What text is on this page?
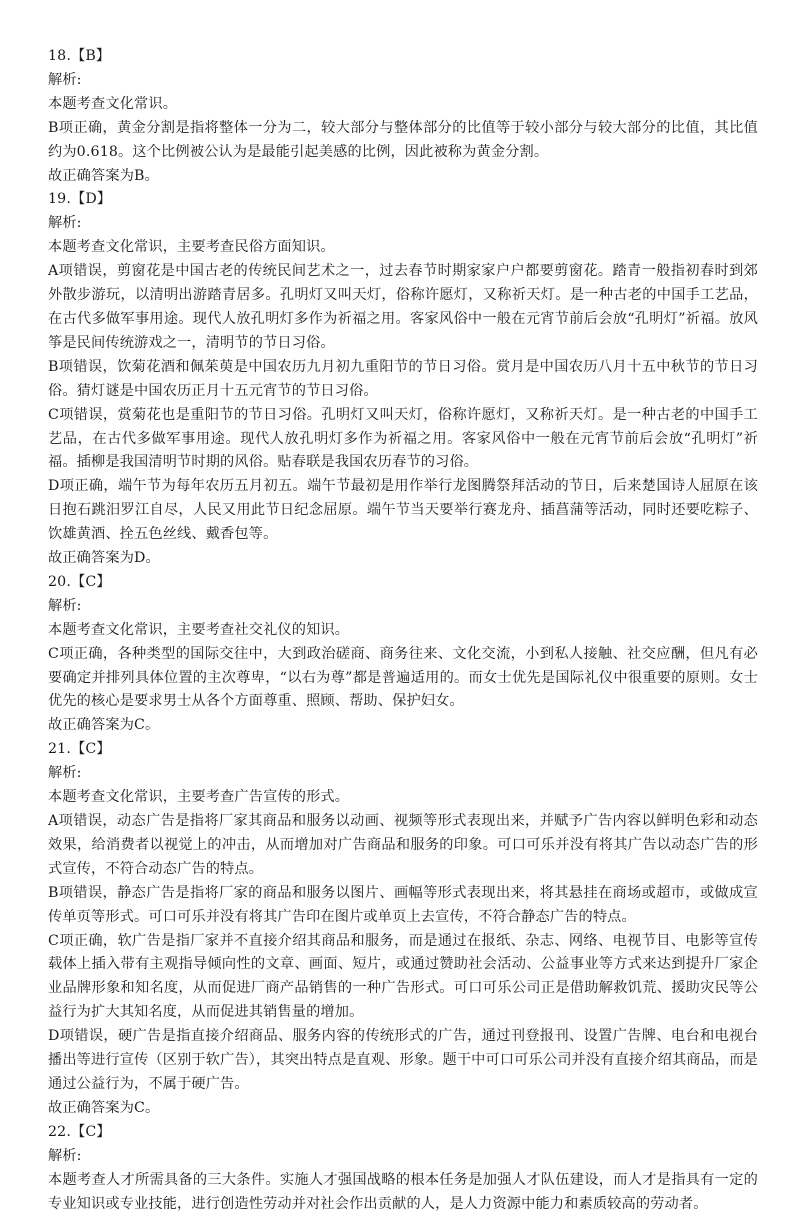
18.【B】
解析:
本题考查文化常识。
B项正确，黄金分割是指将整体一分为二，较大部分与整体部分的比值等于较小部分与较大部分的比值，其比值约为0.618。这个比例被公认为是最能引起美感的比例，因此被称为黄金分割。
故正确答案为B。
19.【D】
解析:
本题考查文化常识，主要考查民俗方面知识。
A项错误，剪窗花是中国古老的传统民间艺术之一，过去春节时期家家户户都要剪窗花。踏青一般指初春时到郊外散步游玩，以清明出游踏青居多。孔明灯又叫天灯，俗称许愿灯，又称祈天灯。是一种古老的中国手工艺品，在古代多做军事用途。现代人放孔明灯多作为祈福之用。客家风俗中一般在元宵节前后会放“孔明灯”祈福。放风筝是民间传统游戏之一，清明节的节日习俗。
B项错误，饮菊花酒和佩茱萸是中国农历九月初九重阳节的节日习俗。赏月是中国农历八月十五中秋节的节日习俗。猜灯谜是中国农历正月十五元宵节的节日习俗。
C项错误，赏菊花也是重阳节的节日习俗。孔明灯又叫天灯，俗称许愿灯，又称祈天灯。是一种古老的中国手工艺品，在古代多做军事用途。现代人放孔明灯多作为祈福之用。客家风俗中一般在元宵节前后会放“孔明灯”祈福。插柳是我国清明节时期的风俗。贴春联是我国农历春节的习俗。
D项正确，端午节为每年农历五月初五。端午节最初是用作举行龙图腾祭拜活动的节日，后来楚国诗人屈原在该日抱石跳汨罗江自尽，人民又用此节日纪念屈原。端午节当天要举行赛龙舟、插菖蒲等活动，同时还要吃粽子、饮雄黄酒、拴五色丝线、戴香包等。
故正确答案为D。
20.【C】
解析:
本题考查文化常识，主要考查社交礼仪的知识。
C项正确，各种类型的国际交往中，大到政治磋商、商务往来、文化交流，小到私人接触、社交应酬，但凡有必要确定并排列具体位置的主次尊卑，“以右为尊”都是普遍适用的。而女士优先是国际礼仪中很重要的原则。女士优先的核心是要求男士从各个方面尊重、照顾、帮助、保护妇女。
故正确答案为C。
21.【C】
解析:
本题考查文化常识，主要考查广告宣传的形式。
A项错误，动态广告是指将厂家其商品和服务以动画、视频等形式表现出来，并赋予广告内容以鲜明色彩和动态效果，给消费者以视觉上的冲击，从而增加对广告商品和服务的印象。可口可乐并没有将其广告以动态广告的形式宣传，不符合动态广告的特点。
B项错误，静态广告是指将厂家的商品和服务以图片、画幅等形式表现出来，将其悬挂在商场或超市，或做成宣传单页等形式。可口可乐并没有将其广告印在图片或单页上去宣传，不符合静态广告的特点。
C项正确，软广告是指厂家并不直接介绍其商品和服务，而是通过在报纸、杂志、网络、电视节目、电影等宣传载体上插入带有主观指导倾向性的文章、画面、短片，或通过赞助社会活动、公益事业等方式来达到提升厂家企业品牌形象和知名度，从而促进厂商产品销售的一种广告形式。可口可乐公司正是借助解救饥荒、援助灾民等公益行为扩大其知名度，从而促进其销售量的增加。
D项错误，硬广告是指直接介绍商品、服务内容的传统形式的广告，通过刊登报刊、设置广告牌、电台和电视台播出等进行宣传（区别于软广告），其突出特点是直观、形象。题干中可口可乐公司并没有直接介绍其商品，而是通过公益行为，不属于硬广告。
故正确答案为C。
22.【C】
解析:
本题考查人才所需具备的三大条件。实施人才强国战略的根本任务是加强人才队伍建设，而人才是指具有一定的专业知识或专业技能，进行创造性劳动并对社会作出贡献的人，是人力资源中能力和素质较高的劳动者。
